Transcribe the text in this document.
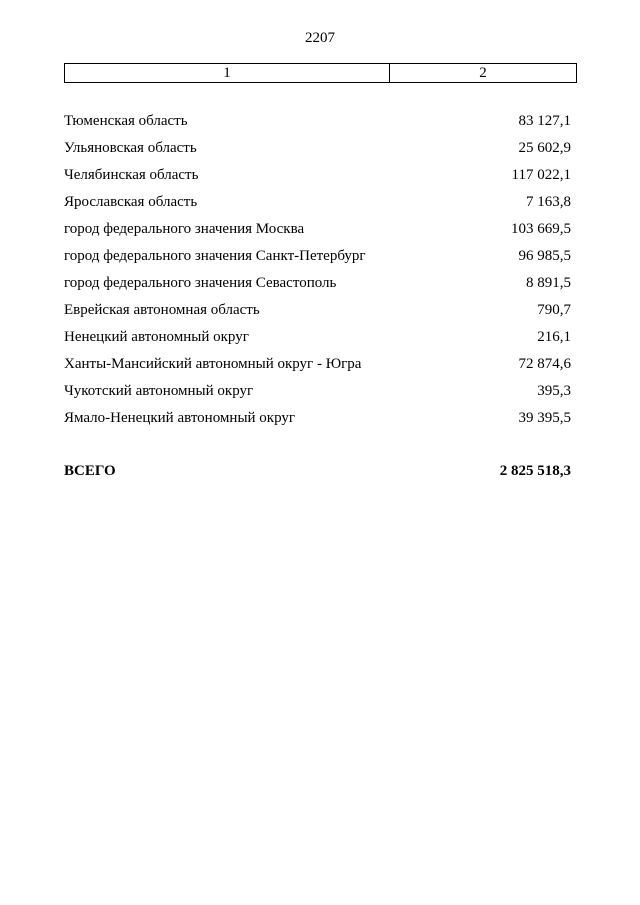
2207
1	2
Тюменская область	83 127,1
Ульяновская область	25 602,9
Челябинская область	117 022,1
Ярославская область	7 163,8
город федерального значения Москва	103 669,5
город федерального значения Санкт-Петербург	96 985,5
город федерального значения Севастополь	8 891,5
Еврейская автономная область	790,7
Ненецкий автономный округ	216,1
Ханты-Мансийский автономный округ - Югра	72 874,6
Чукотский автономный округ	395,3
Ямало-Ненецкий автономный округ	39 395,5
ВСЕГО	2 825 518,3
